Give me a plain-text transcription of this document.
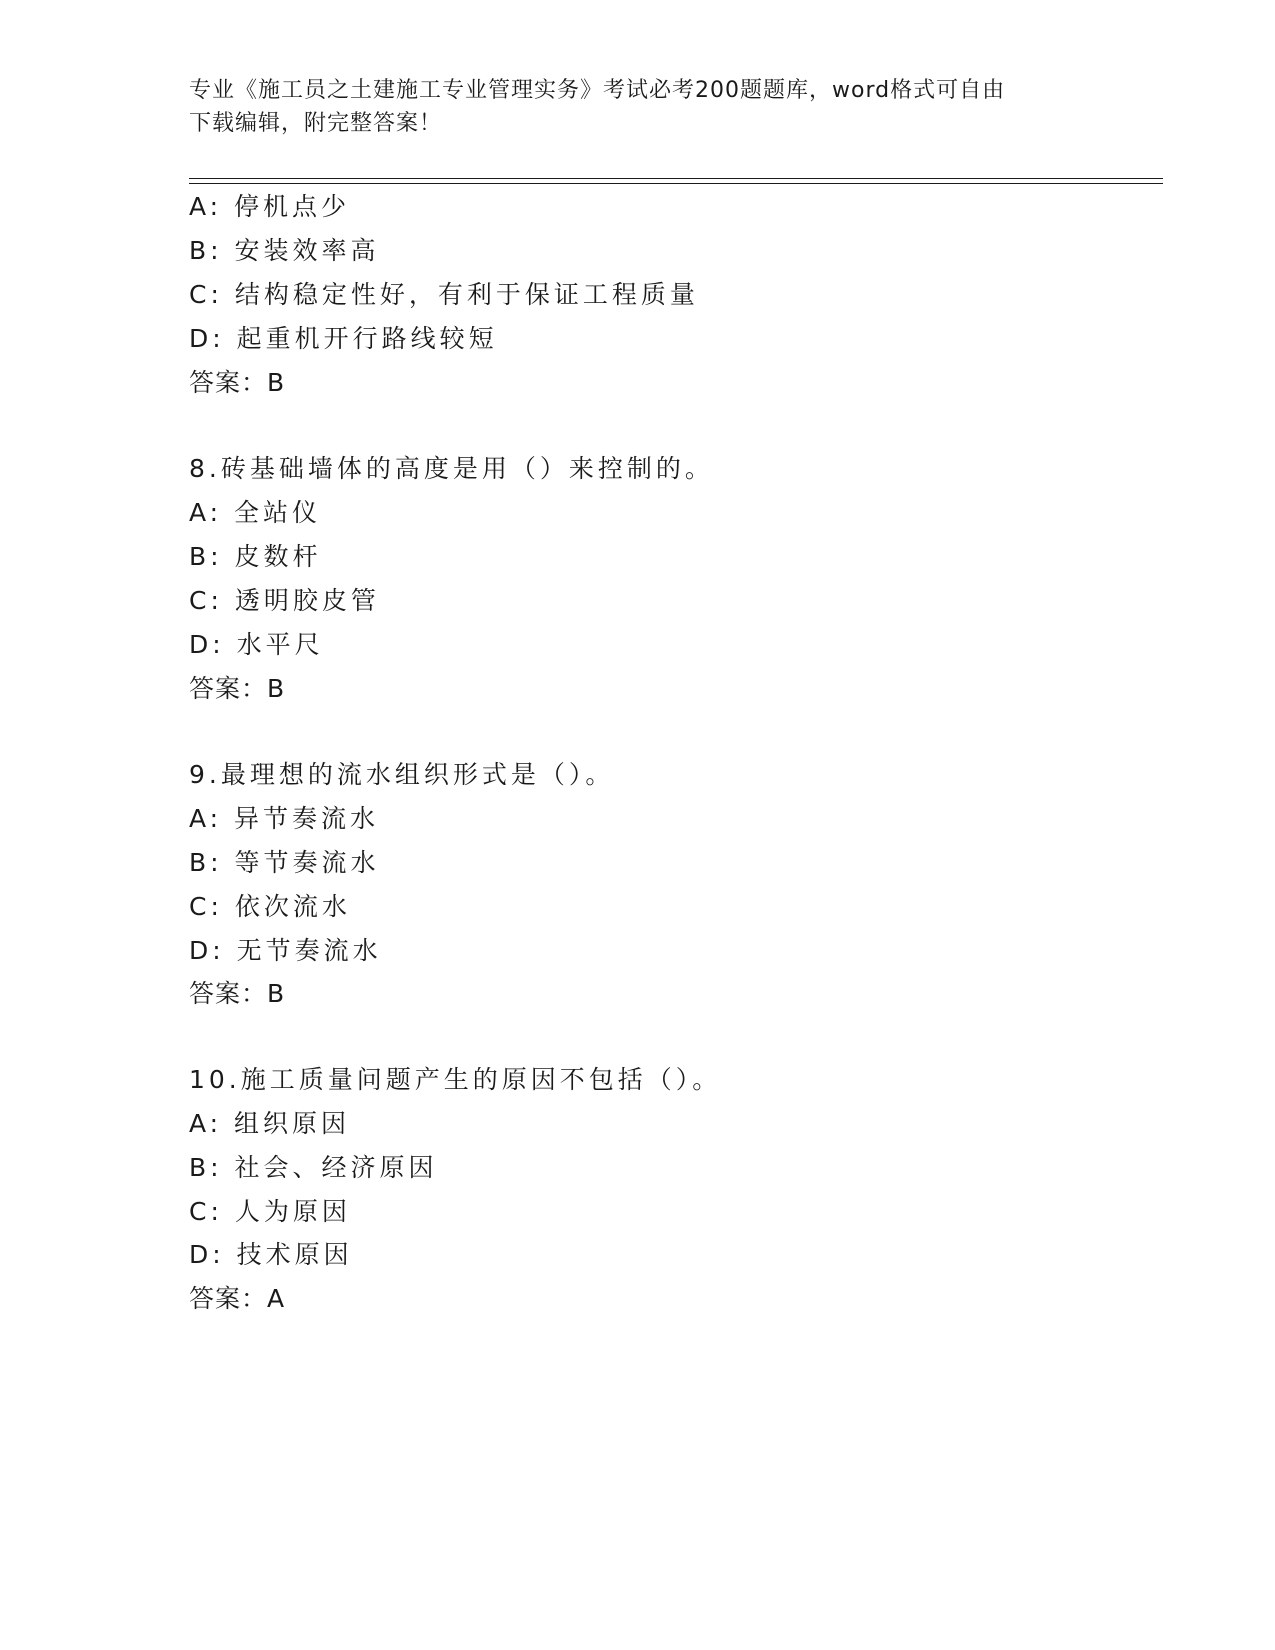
专业《施工员之土建施工专业管理实务》考试必考200题题库，word格式可自由
下载编辑，附完整答案！
A: 停机点少
B: 安装效率高
C: 结构稳定性好，有利于保证工程质量
D: 起重机开行路线较短
答案：B
8.砖基础墙体的高度是用（）来控制的。
A: 全站仪
B: 皮数杆
C: 透明胶皮管
D: 水平尺
答案：B
9.最理想的流水组织形式是（）。
A: 异节奏流水
B: 等节奏流水
C: 依次流水
D: 无节奏流水
答案：B
10.施工质量问题产生的原因不包括（）。
A: 组织原因
B: 社会、经济原因
C: 人为原因
D: 技术原因
答案：A
